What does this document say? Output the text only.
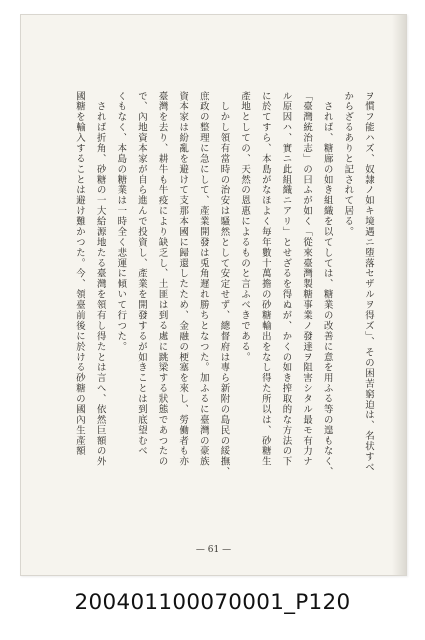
ヲ慣フ能ハズ、奴隷ノ如キ境遇ニ堕落セザルヲ得ズ」、その困苦窮迫は、名状すべ
からざるありと記されて居る。
　されば、糖廍の如き組織を以てしては、糖業の改善に意を用ふる等の遑もなく、
「臺灣統治志」の曰ふが如く「從來臺灣製糖事業ノ發達ヲ阻害シタル最モ有力ナ
ル原因ハ、實ニ此組織ニアリ」とせざるを得ぬが、かくの如き搾取的な方法の下
に於てすら、本島がなほよく毎年數十萬擔の砂糖輸出をなし得た所以は、砂糖生
產地としての、天然の恩惠によるものと言ふべきである。
　しかし領有當時の治安は騷然として安定せず、總督府は專ら新附の島民の綏撫、
庶政の整理に急にして、產業開發は兎角遲れ勝ちとなつた。加ふるに臺灣の豪族
資本家は紛亂を避けて支那本國に歸還したため、金融の梗塞を來し、勞働者も亦
臺灣を去り、耕牛も牛疫により缺乏し、土匪は到る處に跳梁する狀態であつたの
で、內地資本家が自ら進んで投資し、產業を開發するが如きことは到底望むべ
くもなく、本島の糖業は一時全く悲運に傾いて行つた。
　されば折角、砂糖の一大給源地たる臺灣を領有し得たとは言へ、依然巨額の外
國糖を輸入することは避け難かつた。今、領臺前後に於ける砂糖の國內生產額
— 61 —
200401100070001_P120
